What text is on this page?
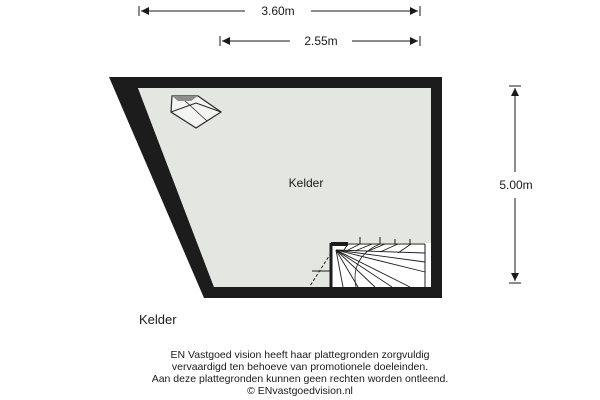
3.60m
2.55m
5.00m
Kelder
Kelder
EN Vastgoed vision heeft haar plattegronden zorgvuldig
vervaardigd ten behoeve van promotionele doeleinden.
Aan deze plattegronden kunnen geen rechten worden ontleend.
© ENvastgoedvision.nl
